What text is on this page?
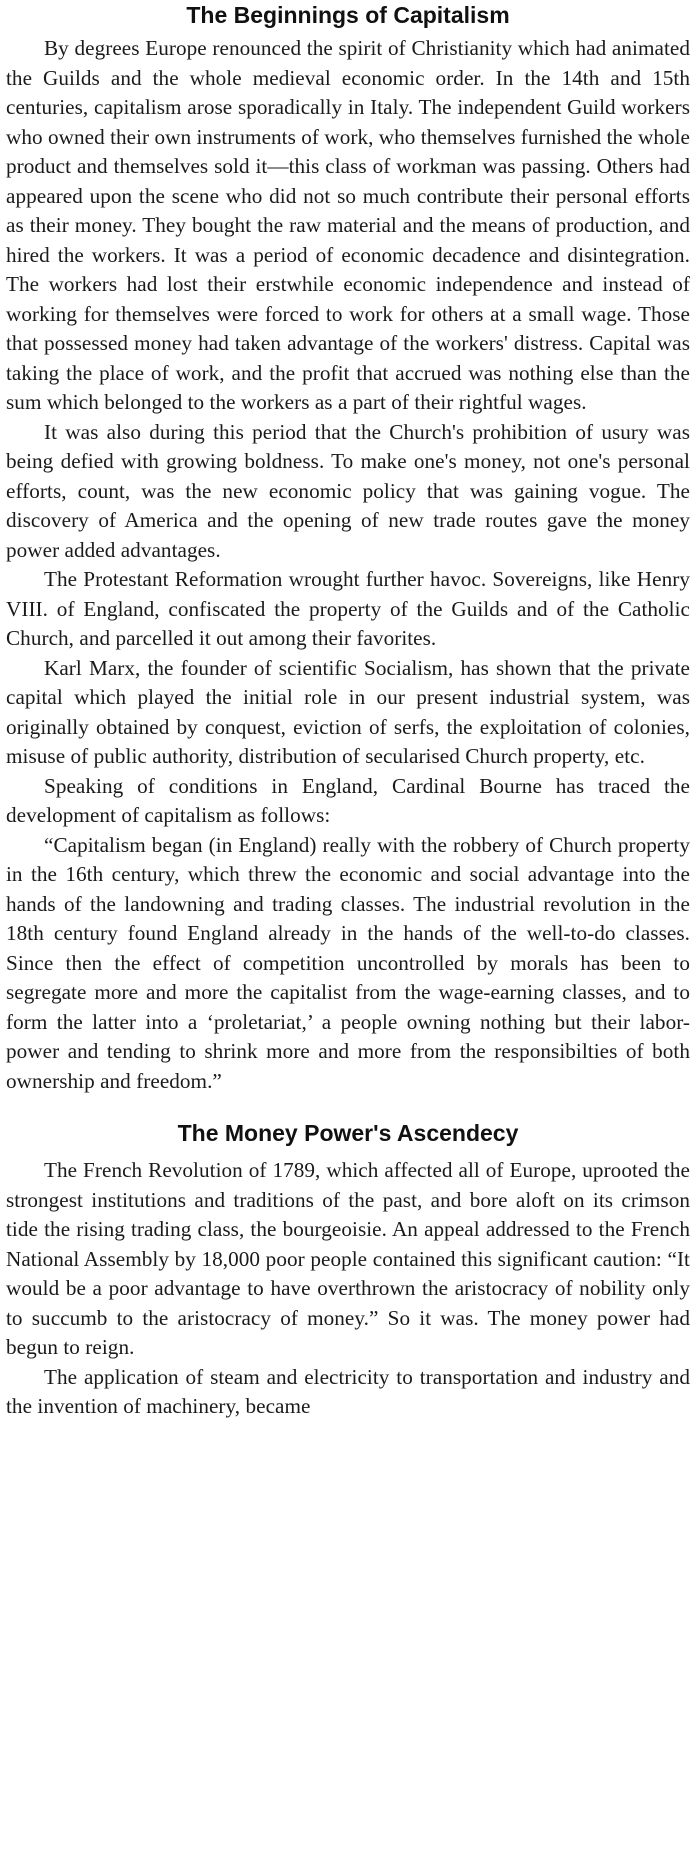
The Beginnings of Capitalism

By degrees Europe renounced the spirit of Christianity which had animated the Guilds and the whole medieval economic order. In the 14th and 15th centuries, capitalism arose sporadically in Italy. The independent Guild workers who owned their own instruments of work, who themselves furnished the whole product and themselves sold it—this class of workman was passing. Others had appeared upon the scene who did not so much contribute their personal efforts as their money. They bought the raw material and the means of production, and hired the workers. It was a period of economic decadence and disintegration. The workers had lost their erstwhile economic independence and instead of working for themselves were forced to work for others at a small wage. Those that possessed money had taken advantage of the workers' distress. Capital was taking the place of work, and the profit that accrued was nothing else than the sum which belonged to the workers as a part of their rightful wages.

It was also during this period that the Church's prohibition of usury was being defied with growing boldness. To make one's money, not one's personal efforts, count, was the new economic policy that was gaining vogue. The discovery of America and the opening of new trade routes gave the money power added advantages.

The Protestant Reformation wrought further havoc. Sovereigns, like Henry VIII. of England, confiscated the property of the Guilds and of the Catholic Church, and parcelled it out among their favorites.

Karl Marx, the founder of scientific Socialism, has shown that the private capital which played the initial role in our present industrial system, was originally obtained by conquest, eviction of serfs, the exploitation of colonies, misuse of public authority, distribution of secularised Church property, etc.

Speaking of conditions in England, Cardinal Bourne has traced the development of capitalism as follows:

“Capitalism began (in England) really with the robbery of Church property in the 16th century, which threw the economic and social advantage into the hands of the landowning and trading classes. The industrial revolution in the 18th century found England already in the hands of the well-to-do classes. Since then the effect of competition uncontrolled by morals has been to segregate more and more the capitalist from the wage-earning classes, and to form the latter into a ‘proletariat,’ a people owning nothing but their labor-power and tending to shrink more and more from the responsibilties of both ownership and freedom.”

The Money Power's Ascendecy

The French Revolution of 1789, which affected all of Europe, uprooted the strongest institutions and traditions of the past, and bore aloft on its crimson tide the rising trading class, the bourgeoisie. An appeal addressed to the French National Assembly by 18,000 poor people contained this significant caution: “It would be a poor advantage to have overthrown the aristocracy of nobility only to succumb to the aristocracy of money.” So it was. The money power had begun to reign.

The application of steam and electricity to transportation and industry and the invention of machinery, became
